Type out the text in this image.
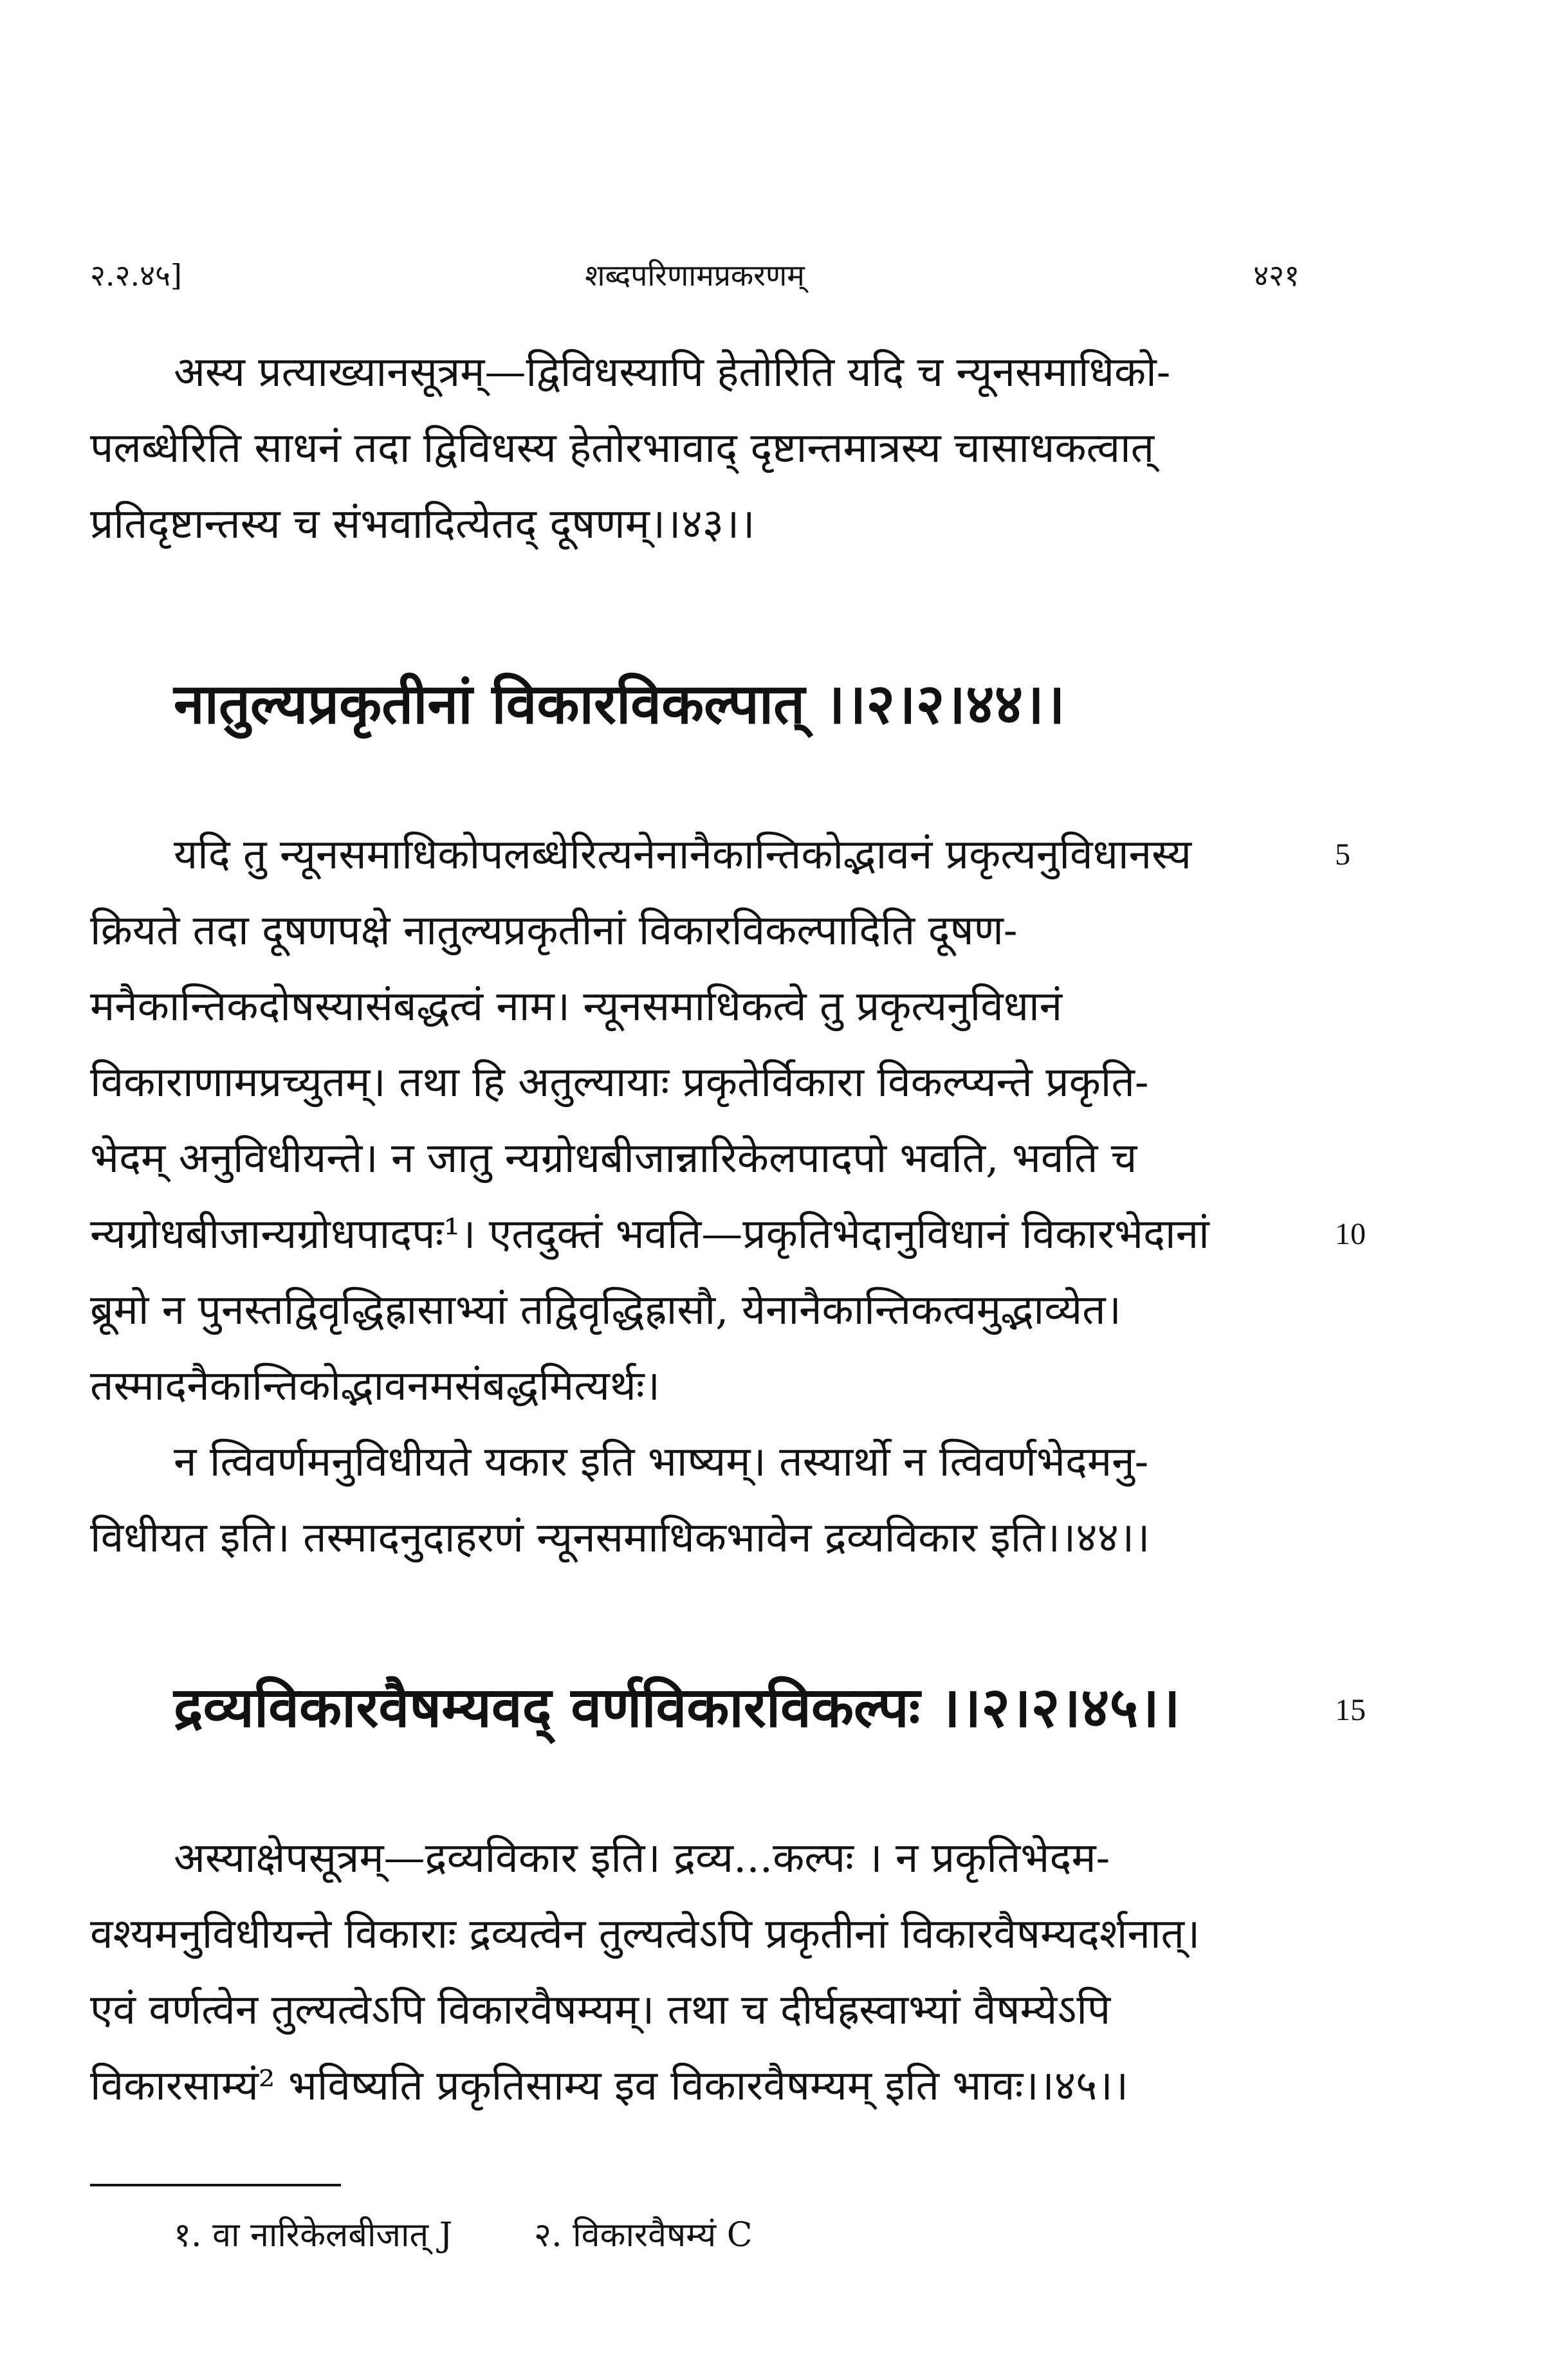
शब्दपरिणामप्रकरणम्
२.२.४५]	४२१
अस्य प्रत्याख्यानसूत्रम्—द्विविधस्यापि हेतोरिति यदि च न्यूनसमाधिको-
पलब्धेरिति साधनं तदा द्विविधस्य हेतोरभावाद् दृष्टान्तमात्रस्य चासाधकत्वात्
प्रतिदृष्टान्तस्य च संभवादित्येतद् दूषणम्।।४३।।
नातुल्यप्रकृतीनां विकारविकल्पात् ।।२।२।४४।।
यदि तु न्यूनसमाधिकोपलब्धेरित्यनेनानैकान्तिकोद्भावनं प्रकृत्यनुविधानस्य
क्रियते तदा दूषणपक्षे नातुल्यप्रकृतीनां विकारविकल्पादिति दूषण-
मनैकान्तिकदोषस्यासंबद्धत्वं नाम। न्यूनसमाधिकत्वे तु प्रकृत्यनुविधानं
विकाराणामप्रच्युतम्। तथा हि अतुल्यायाः प्रकृतेर्विकारा विकल्प्यन्ते प्रकृति-
भेदम् अनुविधीयन्ते। न जातु न्यग्रोधबीजान्नारिकेलपादपो भवति, भवति च
न्यग्रोधबीजान्यग्रोधपादपः¹। एतदुक्तं भवति—प्रकृतिभेदानुविधानं विकारभेदानां
ब्रूमो न पुनस्तद्विवृद्धिह्रासाभ्यां तद्विवृद्धिह्रासौ, येनानैकान्तिकत्वमुद्भाव्येत।
तस्मादनैकान्तिकोद्भावनमसंबद्धमित्यर्थः।
न त्विवर्णमनुविधीयते यकार इति भाष्यम्। तस्यार्थो न त्विवर्णभेदमनु-
विधीयत इति। तस्मादनुदाहरणं न्यूनसमाधिकभावेन द्रव्यविकार इति।।४४।।
द्रव्यविकारवैषम्यवद् वर्णविकारविकल्पः ।।२।२।४५।।
अस्याक्षेपसूत्रम्—द्रव्यविकार इति। द्रव्य...कल्पः । न प्रकृतिभेदम-
वश्यमनुविधीयन्ते विकाराः द्रव्यत्वेन तुल्यत्वेऽपि प्रकृतीनां विकारवैषम्यदर्शनात्।
एवं वर्णत्वेन तुल्यत्वेऽपि विकारवैषम्यम्। तथा च दीर्घह्रस्वाभ्यां वैषम्येऽपि
विकारसाम्यं² भविष्यति प्रकृतिसाम्य इव विकारवैषम्यम् इति भावः।।४५।।
5
10
15
१. वा नारिकेलबीजात् J २. विकारवैषम्यं C
